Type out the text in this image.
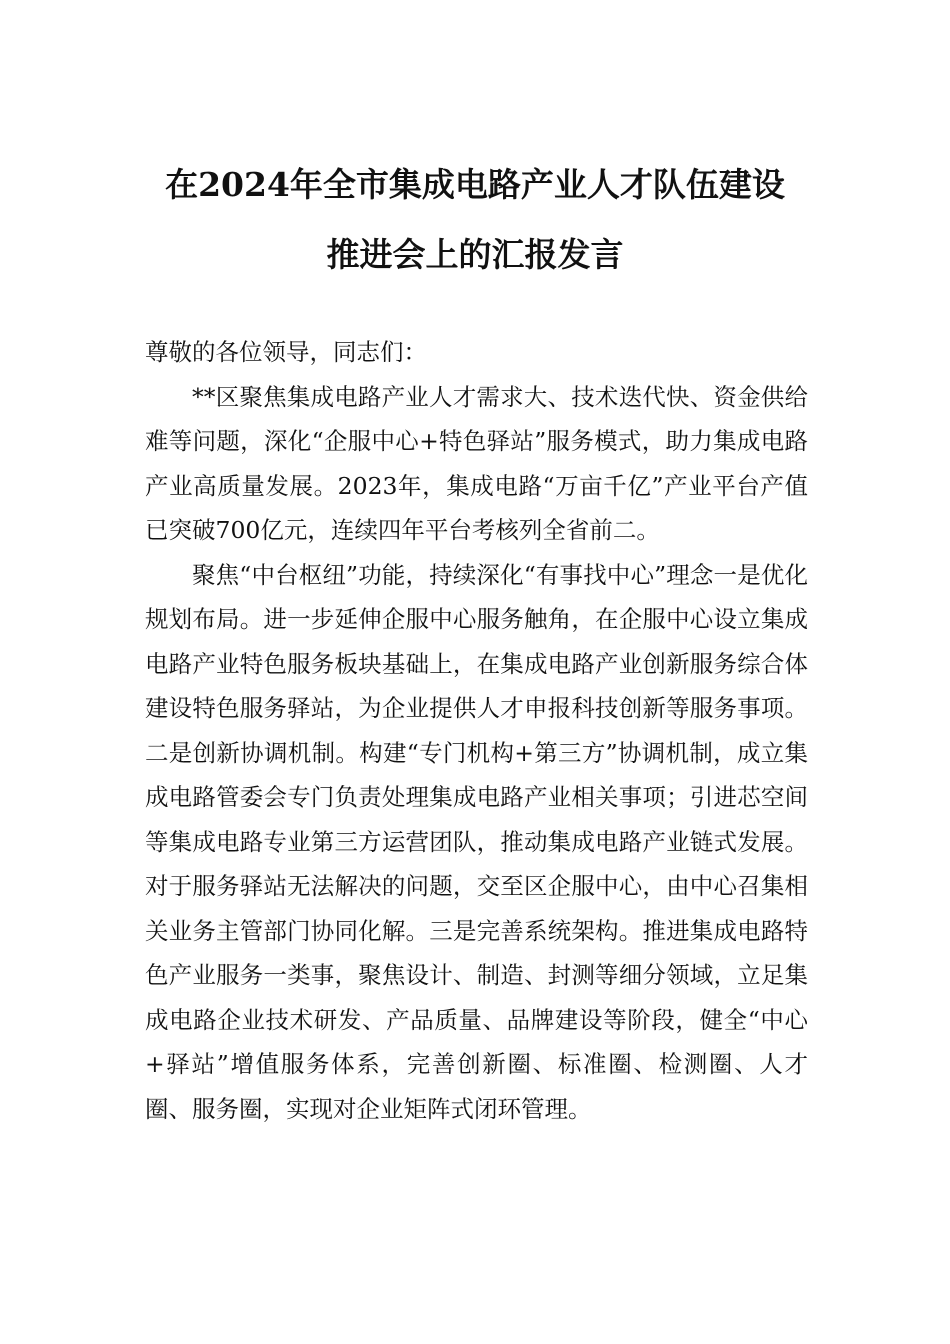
在2024年全市集成电路产业人才队伍建设
推进会上的汇报发言

尊敬的各位领导，同志们：

**区聚焦集成电路产业人才需求大、技术迭代快、资金供给难等问题，深化“企服中心+特色驿站”服务模式，助力集成电路产业高质量发展。2023年，集成电路“万亩千亿”产业平台产值已突破700亿元，连续四年平台考核列全省前二。

聚焦“中台枢纽”功能，持续深化“有事找中心”理念一是优化规划布局。进一步延伸企服中心服务触角，在企服中心设立集成电路产业特色服务板块基础上，在集成电路产业创新服务综合体建设特色服务驿站，为企业提供人才申报科技创新等服务事项。二是创新协调机制。构建“专门机构+第三方”协调机制，成立集成电路管委会专门负责处理集成电路产业相关事项；引进芯空间等集成电路专业第三方运营团队，推动集成电路产业链式发展。对于服务驿站无法解决的问题，交至区企服中心，由中心召集相关业务主管部门协同化解。三是完善系统架构。推进集成电路特色产业服务一类事，聚焦设计、制造、封测等细分领域，立足集成电路企业技术研发、产品质量、品牌建设等阶段，健全“中心+驿站”增值服务体系，完善创新圈、标准圈、检测圈、人才圈、服务圈，实现对企业矩阵式闭环管理。
